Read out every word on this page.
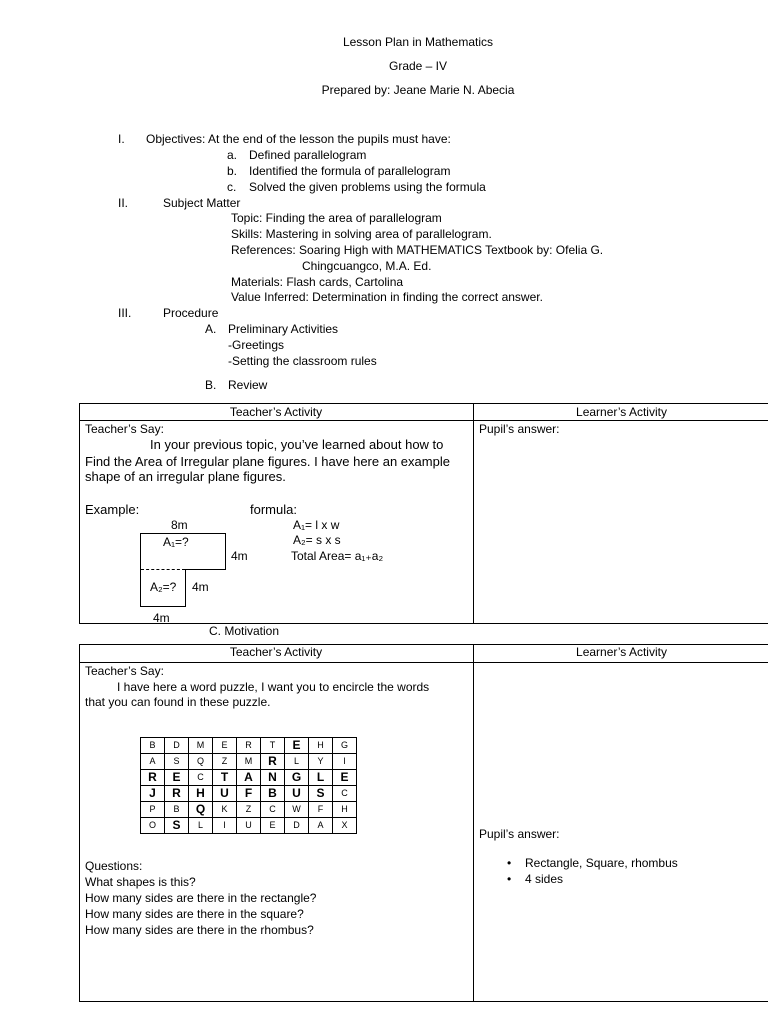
Lesson Plan in Mathematics
Grade – IV
Prepared by: Jeane Marie N. Abecia
I. Objectives: At the end of the lesson the pupils must have:
a. Defined parallelogram
b. Identified the formula of parallelogram
c. Solved the given problems using the formula
II.	Subject Matter
Topic: Finding the area of parallelogram
Skills: Mastering in solving area of parallelogram.
References: Soaring High with MATHEMATICS Textbook by: Ofelia G.
Chingcuangco, M.A. Ed.
Materials: Flash cards, Cartolina
Value Inferred: Determination in finding the correct answer.
III.	Procedure
A. Preliminary Activities
-Greetings
-Setting the classroom rules
B. Review
Teacher’s Activity	Learner’s Activity
Teacher’s Say:
In your previous topic, you’ve learned about how to
Find the Area of Irregular plane figures. I have here an example
shape of an irregular plane figures.
Example:	formula:
8m
A₁=?
4m
A₂=? 4m
4m
A₁= l x w
A₂= s x s
Total Area= a₁₊a₂
Pupil’s answer:
C. Motivation
Teacher’s Activity	Learner’s Activity
Teacher’s Say:
I have here a word puzzle, I want you to encircle the words
that you can found in these puzzle.
B	D	M	E	R	T	E	H	G
A	S	Q	Z	M	R	L	Y	I
R	E	C	T	A	N	G	L	E
J	R	H	U	F	B	U	S	C
P	B	Q	K	Z	C	W	F	H
O	S	L	I	U	E	D	A	X
Questions:
What shapes is this?
How many sides are there in the rectangle?
How many sides are there in the square?
How many sides are there in the rhombus?
Pupil’s answer:
• Rectangle, Square, rhombus
• 4 sides
